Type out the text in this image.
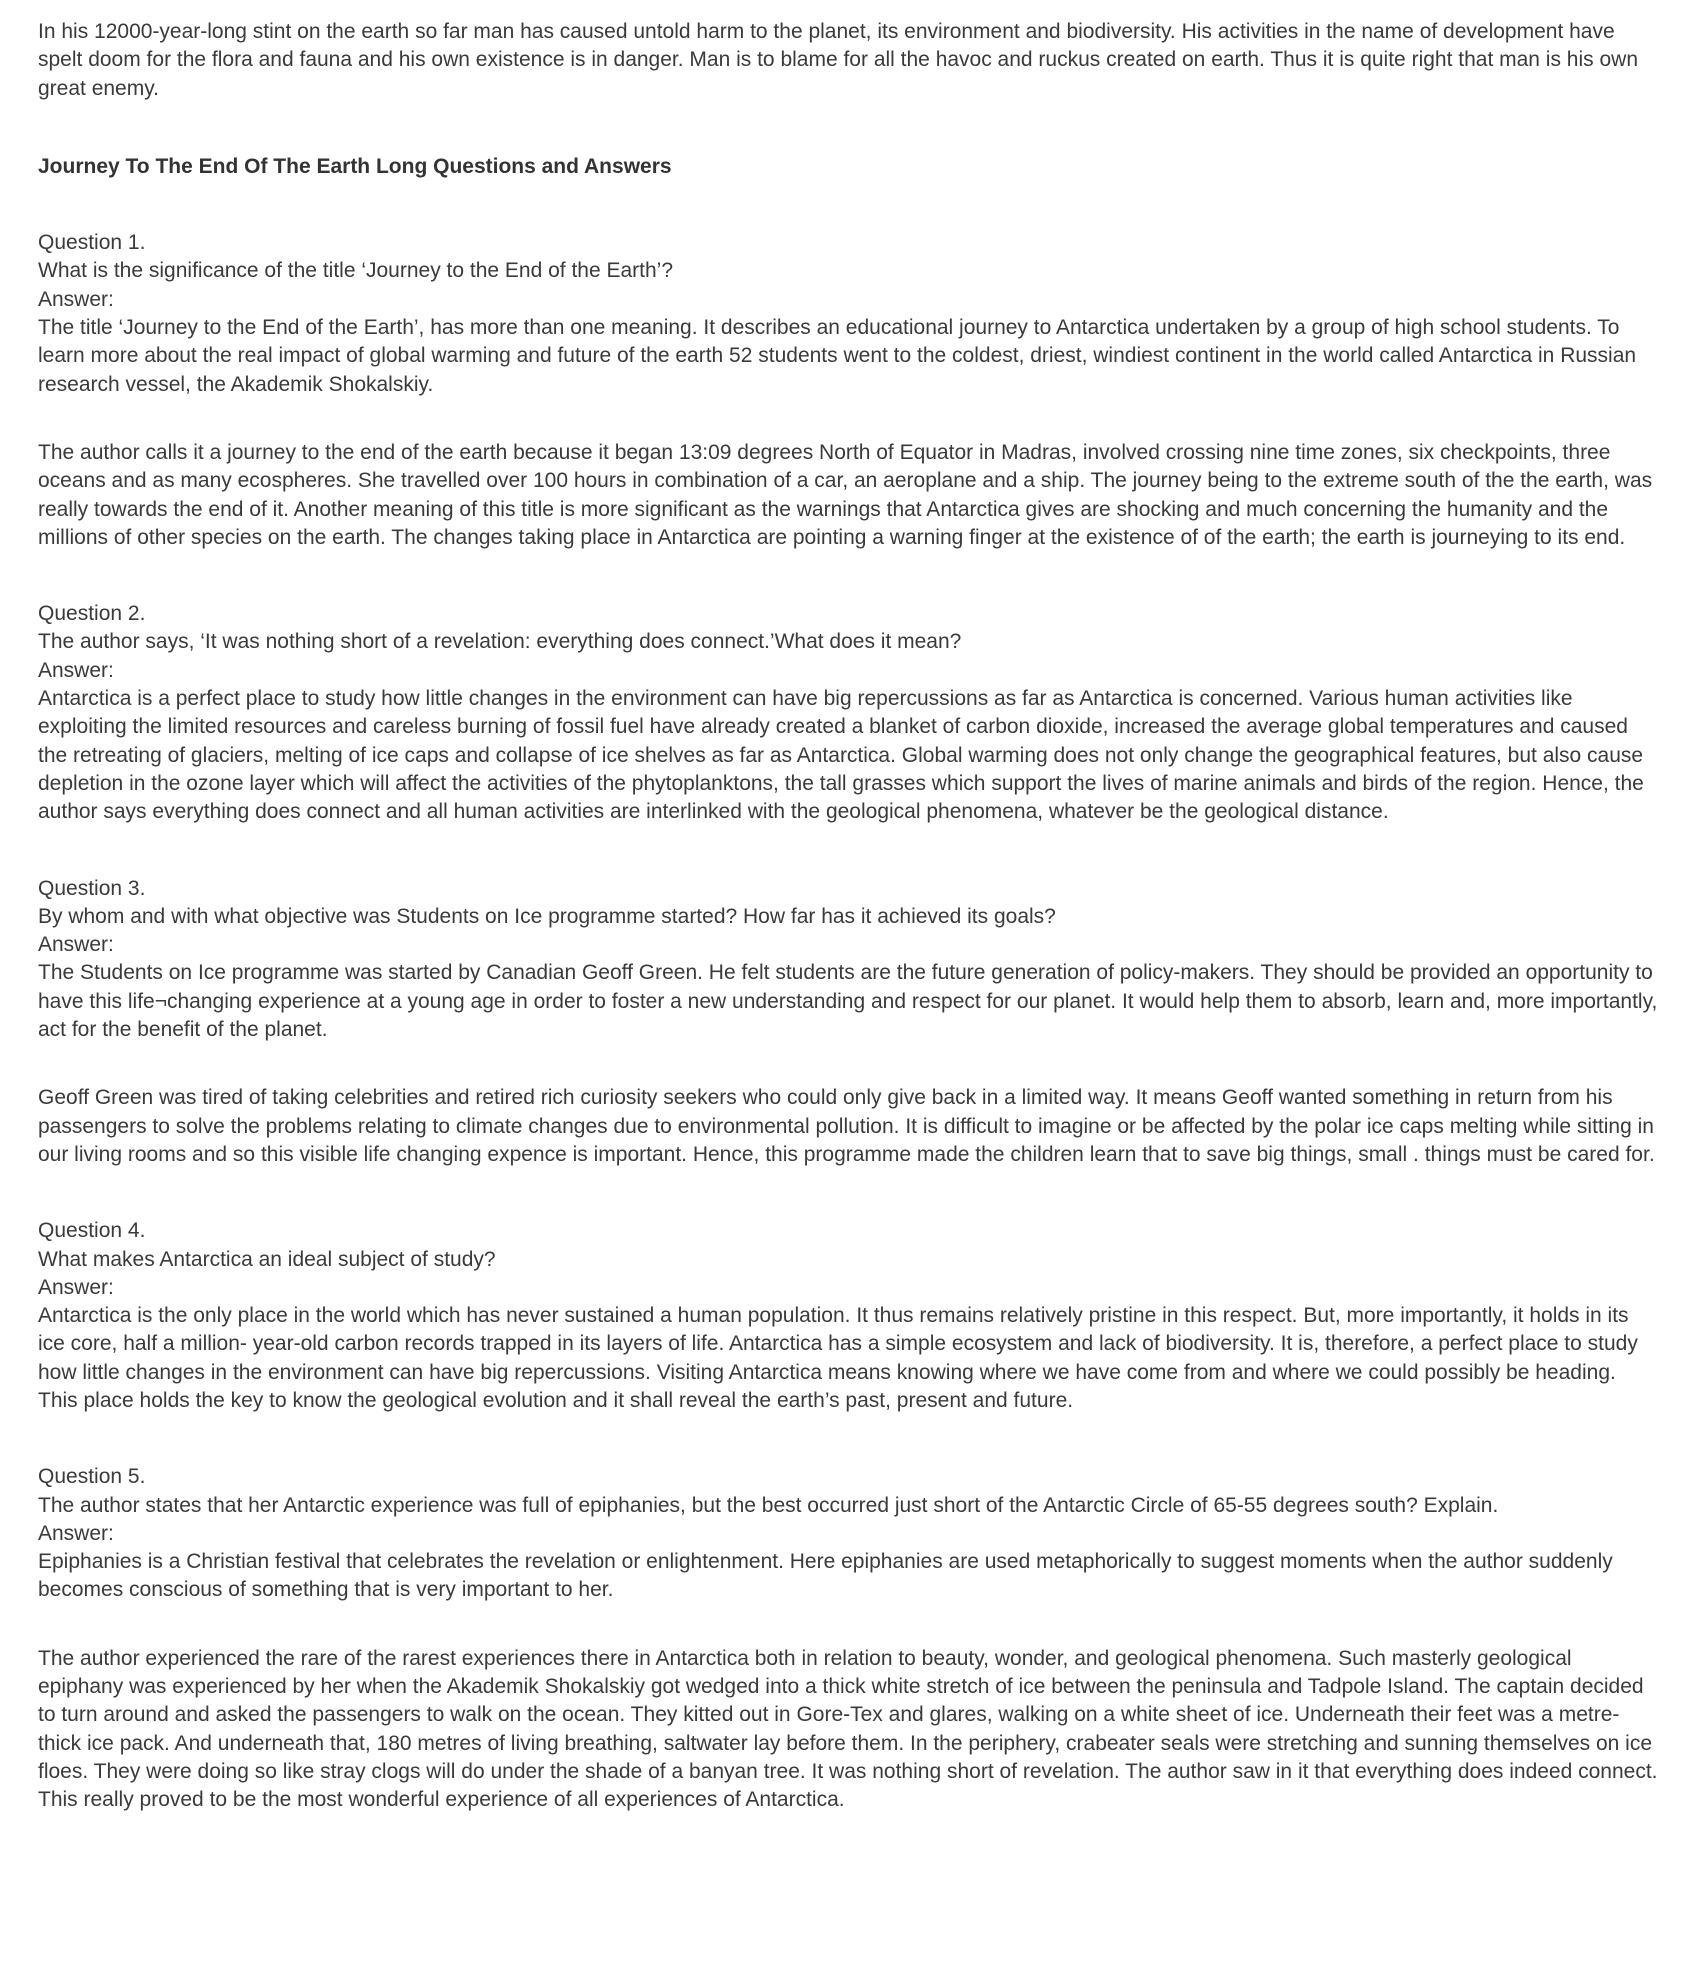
In his 12000-year-long stint on the earth so far man has caused untold harm to the planet, its environment and biodiversity. His activities in the name of development have spelt doom for the flora and fauna and his own existence is in danger. Man is to blame for all the havoc and ruckus created on earth. Thus it is quite right that man is his own great enemy.

Journey To The End Of The Earth Long Questions and Answers

Question 1.

What is the significance of the title ‘Journey to the End of the Earth’?

Answer:

The title ‘Journey to the End of the Earth’, has more than one meaning. It describes an educational journey to Antarctica undertaken by a group of high school students. To learn more about the real impact of global warming and future of the earth 52 students went to the coldest, driest, windiest continent in the world called Antarctica in Russian research vessel, the Akademik Shokalskiy.

The author calls it a journey to the end of the earth because it began 13:09 degrees North of Equator in Madras, involved crossing nine time zones, six checkpoints, three oceans and as many ecospheres. She travelled over 100 hours in combination of a car, an aeroplane and a ship. The journey being to the extreme south of the the earth, was really towards the end of it. Another meaning of this title is more significant as the warnings that Antarctica gives are shocking and much concerning the humanity and the millions of other species on the earth. The changes taking place in Antarctica are pointing a warning finger at the existence of of the earth; the earth is journeying to its end.

Question 2.

The author says, ‘It was nothing short of a revelation: everything does connect.’What does it mean?

Answer:

Antarctica is a perfect place to study how little changes in the environment can have big repercussions as far as Antarctica is concerned. Various human activities like exploiting the limited resources and careless burning of fossil fuel have already created a blanket of carbon dioxide, increased the average global temperatures and caused the retreating of glaciers, melting of ice caps and collapse of ice shelves as far as Antarctica. Global warming does not only change the geographical features, but also cause depletion in the ozone layer which will affect the activities of the phytoplanktons, the tall grasses which support the lives of marine animals and birds of the region. Hence, the author says everything does connect and all human activities are interlinked with the geological phenomena, whatever be the geological distance.

Question 3.

By whom and with what objective was Students on Ice programme started? How far has it achieved its goals?

Answer:

The Students on Ice programme was started by Canadian Geoff Green. He felt students are the future generation of policy-makers. They should be provided an opportunity to have this life¬changing experience at a young age in order to foster a new understanding and respect for our planet. It would help them to absorb, learn and, more importantly, act for the benefit of the planet.

Geoff Green was tired of taking celebrities and retired rich curiosity seekers who could only give back in a limited way. It means Geoff wanted something in return from his passengers to solve the problems relating to climate changes due to environmental pollution. It is difficult to imagine or be affected by the polar ice caps melting while sitting in our living rooms and so this visible life changing expence is important. Hence, this programme made the children learn that to save big things, small . things must be cared for.

Question 4.

What makes Antarctica an ideal subject of study?

Answer:

Antarctica is the only place in the world which has never sustained a human population. It thus remains relatively pristine in this respect. But, more importantly, it holds in its ice core, half a million- year-old carbon records trapped in its layers of life. Antarctica has a simple ecosystem and lack of biodiversity. It is, therefore, a perfect place to study how little changes in the environment can have big repercussions. Visiting Antarctica means knowing where we have come from and where we could possibly be heading. This place holds the key to know the geological evolution and it shall reveal the earth’s past, present and future.

Question 5.

The author states that her Antarctic experience was full of epiphanies, but the best occurred just short of the Antarctic Circle of 65-55 degrees south? Explain.

Answer:

Epiphanies is a Christian festival that celebrates the revelation or enlightenment. Here epiphanies are used metaphorically to suggest moments when the author suddenly becomes conscious of something that is very important to her.

The author experienced the rare of the rarest experiences there in Antarctica both in relation to beauty, wonder, and geological phenomena. Such masterly geological epiphany was experienced by her when the Akademik Shokalskiy got wedged into a thick white stretch of ice between the peninsula and Tadpole Island. The captain decided to turn around and asked the passengers to walk on the ocean. They kitted out in Gore-Tex and glares, walking on a white sheet of ice. Underneath their feet was a metre-thick ice pack. And underneath that, 180 metres of living breathing, saltwater lay before them. In the periphery, crabeater seals were stretching and sunning themselves on ice floes. They were doing so like stray clogs will do under the shade of a banyan tree. It was nothing short of revelation. The author saw in it that everything does indeed connect. This really proved to be the most wonderful experience of all experiences of Antarctica.
